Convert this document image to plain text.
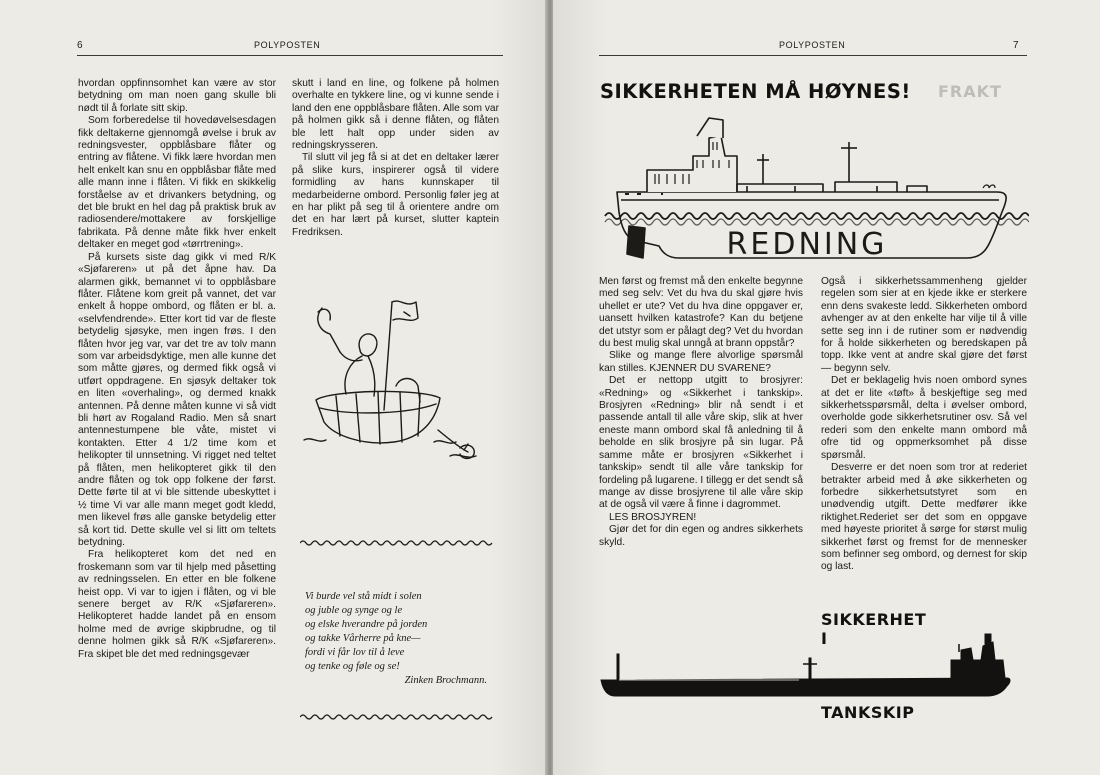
6	POLYPOSTEN

hvordan oppfinnsomhet kan være av stor betydning om man noen gang skulle bli nødt til å forlate sitt skip.

Som forberedelse til hovedøvelsesdagen fikk deltakerne gjennomgå øvelse i bruk av redningsvester, oppblåsbare flåter og entring av flåtene. Vi fikk lære hvordan men helt enkelt kan snu en oppblåsbar flåte med alle mann inne i flåten. Vi fikk en skikkelig forståelse av et drivankers betydning, og det ble brukt en hel dag på praktisk bruk av radiosendere/mottakere av forskjellige fabrikata. På denne måte fikk hver enkelt deltaker en meget god «tørrtrening».

På kursets siste dag gikk vi med R/K «Sjøfareren» ut på det åpne hav. Da alarmen gikk, bemannet vi to oppblåsbare flåter. Flåtene kom greit på vannet, det var enkelt å hoppe ombord, og flåten er bl. a. «selvfendrende». Etter kort tid var de fleste betydelig sjøsyke, men ingen frøs. I den flåten hvor jeg var, var det tre av tolv mann som var arbeidsdyktige, men alle kunne det som måtte gjøres, og dermed fikk også vi utført oppdragene. En sjøsyk deltaker tok en liten «overhaling», og dermed knakk antennen. På denne måten kunne vi så vidt bli hørt av Rogaland Radio. Men så snart antennestumpene ble våte, mistet vi kontakten. Etter 4 1/2 time kom et helikopter til unnsetning. Vi rigget ned teltet på flåten, men helikopteret gikk til den andre flåten og tok opp folkene der først. Dette førte til at vi ble sittende ubeskyttet i ½ time Vi var alle mann meget godt kledd, men likevel frøs alle ganske betydelig etter så kort tid. Dette skulle vel si litt om teltets betydning.

Fra helikopteret kom det ned en froskemann som var til hjelp med påsetting av redningsselen. En etter en ble folkene heist opp. Vi var to igjen i flåten, og vi ble senere berget av R/K «Sjøfareren». Helikopteret hadde landet på en ensom holme med de øvrige skipbrudne, og til denne holmen gikk så R/K «Sjøfareren». Fra skipet ble det med redningsgevær

skutt i land en line, og folkene på holmen overhalte en tykkere line, og vi kunne sende i land den ene oppblåsbare flåten. Alle som var på holmen gikk så i denne flåten, og flåten ble lett halt opp under siden av redningskrysseren.

Til slutt vil jeg få si at det en deltaker lærer på slike kurs, inspirerer også til videre formidling av hans kunnskaper til medarbeiderne ombord. Personlig føler jeg at en har plikt på seg til å orientere andre om det en har lært på kurset, slutter kaptein Fredriksen.

Vi burde vel stå midt i solen
og juble og synge og le
og elske hverandre på jorden
og takke Vårherre på kne—
fordi vi får lov til å leve
og tenke og føle og se!
Zinken Brochmann.
POLYPOSTEN	7
FRAKT
SIKKERHETEN MÅ HØYNES!
REDNING

Men først og fremst må den enkelte begynne med seg selv: Vet du hva du skal gjøre hvis uhellet er ute? Vet du hva dine oppgaver er, uansett hvilken katastrofe? Kan du betjene det utstyr som er pålagt deg? Vet du hvordan du best mulig skal unngå at brann oppstår?

Slike og mange flere alvorlige spørsmål kan stilles. KJENNER DU SVARENE?

Det er nettopp utgitt to brosjyrer: «Redning» og «Sikkerhet i tankskip». Brosjyren «Redning» blir nå sendt i et passende antall til alle våre skip, slik at hver eneste mann ombord skal få anledning til å beholde en slik brosjyre på sin lugar. På samme måte er brosjyren «Sikkerhet i tankskip» sendt til alle våre tankskip for fordeling på lugarene. I tillegg er det sendt så mange av disse brosjyrene til alle våre skip at de også vil være å finne i dagrommet.

LES BROSJYREN!

Gjør det for din egen og andres sikkerhets skyld.

Også i sikkerhetssammenheng gjelder regelen som sier at en kjede ikke er sterkere enn dens svakeste ledd. Sikkerheten ombord avhenger av at den enkelte har vilje til å ville sette seg inn i de rutiner som er nødvendig for å holde sikkerheten og beredskapen på topp. Ikke vent at andre skal gjøre det først — begynn selv.

Det er beklagelig hvis noen ombord synes at det er lite «tøft» å beskjeftige seg med sikkerhetsspørsmål, delta i øvelser ombord, overholde gode sikkerhetsrutiner osv. Så vel rederi som den enkelte mann ombord må ofre tid og oppmerksomhet på disse spørsmål.

Desverre er det noen som tror at rederiet betrakter arbeid med å øke sikkerheten og forbedre sikkerhetsutstyret som en unødvendig utgift. Dette medfører ikke riktighet.Rederiet ser det som en oppgave med høyeste prioritet å sørge for størst mulig sikkerhet først og fremst for de mennesker som befinner seg ombord, og dernest for skip og last.

SIKKERHET
I
TANKSKIP
